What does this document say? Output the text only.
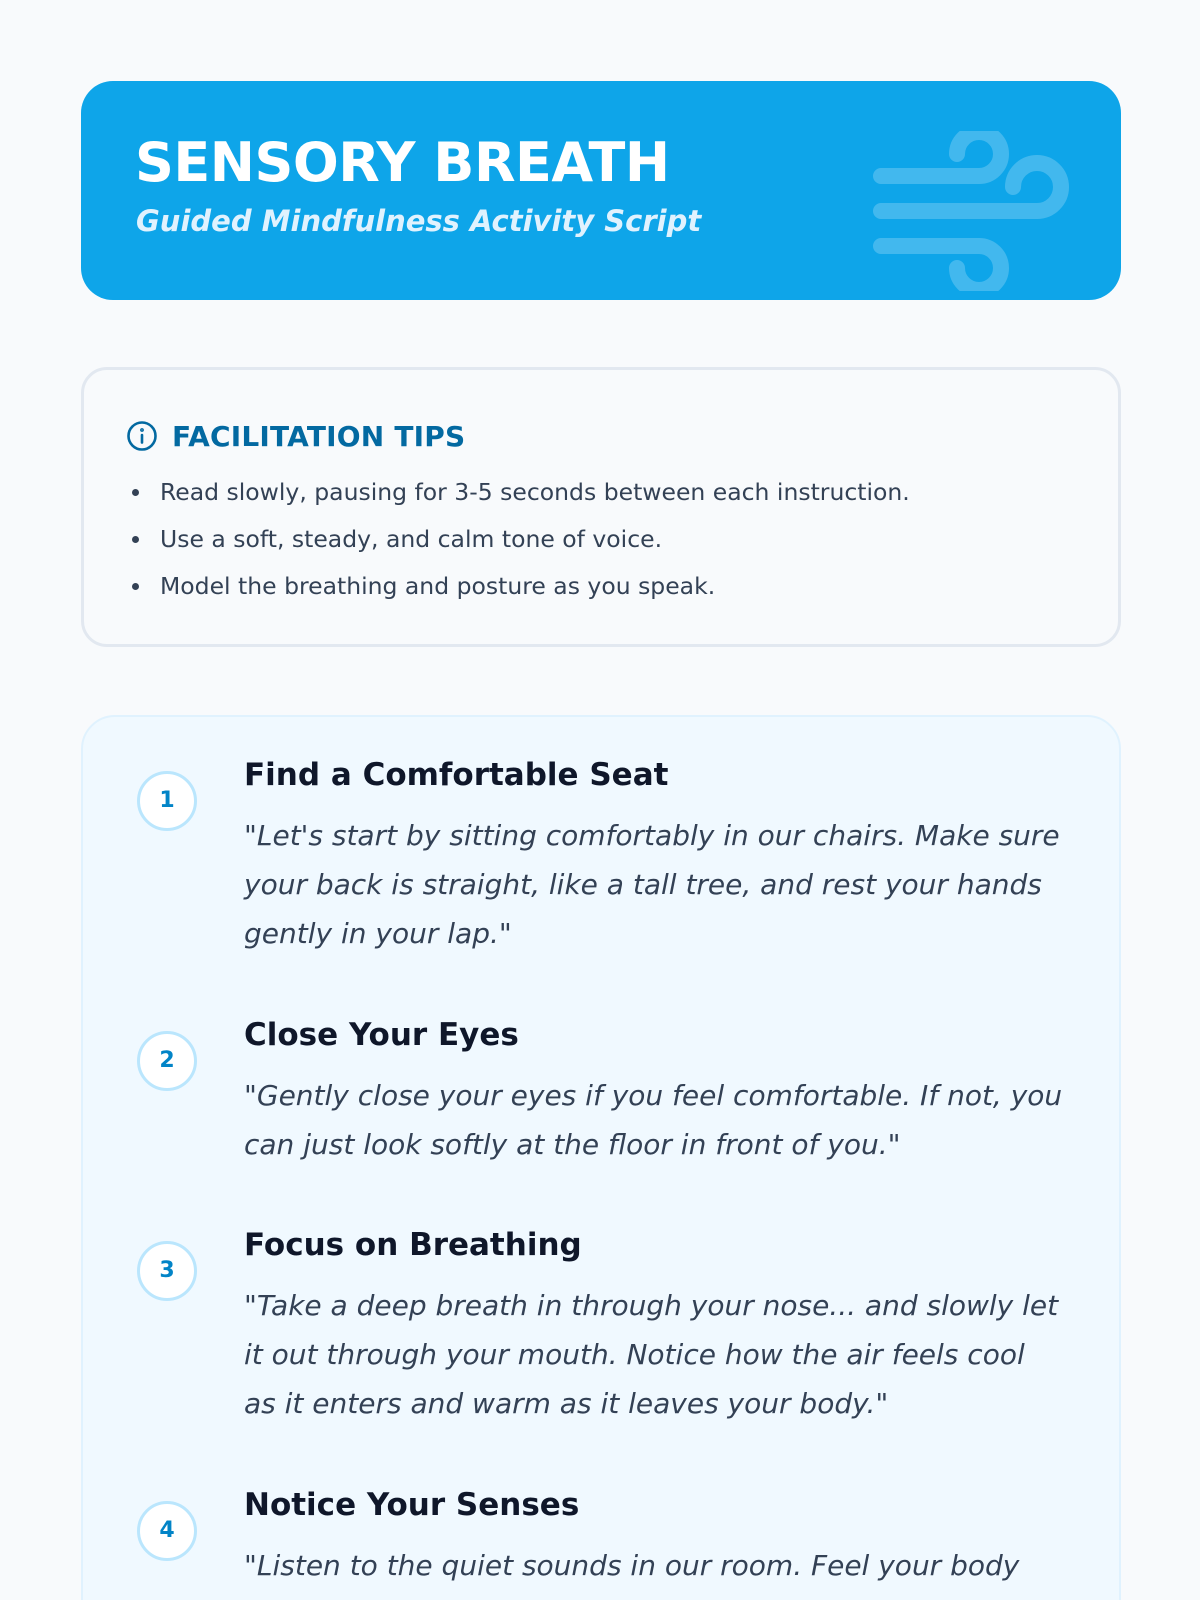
SENSORY BREATH

Guided Mindfulness Activity Script

FACILITATION TIPS
Read slowly, pausing for 3-5 seconds between each instruction.
Use a soft, steady, and calm tone of voice.
Model the breathing and posture as you speak.
1
Find a Comfortable Seat

"Let's start by sitting comfortably in our chairs. Make sure your back is straight, like a tall tree, and rest your hands gently in your lap."

2
Close Your Eyes

"Gently close your eyes if you feel comfortable. If not, you can just look softly at the floor in front of you."

3
Focus on Breathing

"Take a deep breath in through your nose... and slowly let it out through your mouth. Notice how the air feels cool as it enters and warm as it leaves your body."

4
Notice Your Senses

"Listen to the quiet sounds in our room. Feel your body
